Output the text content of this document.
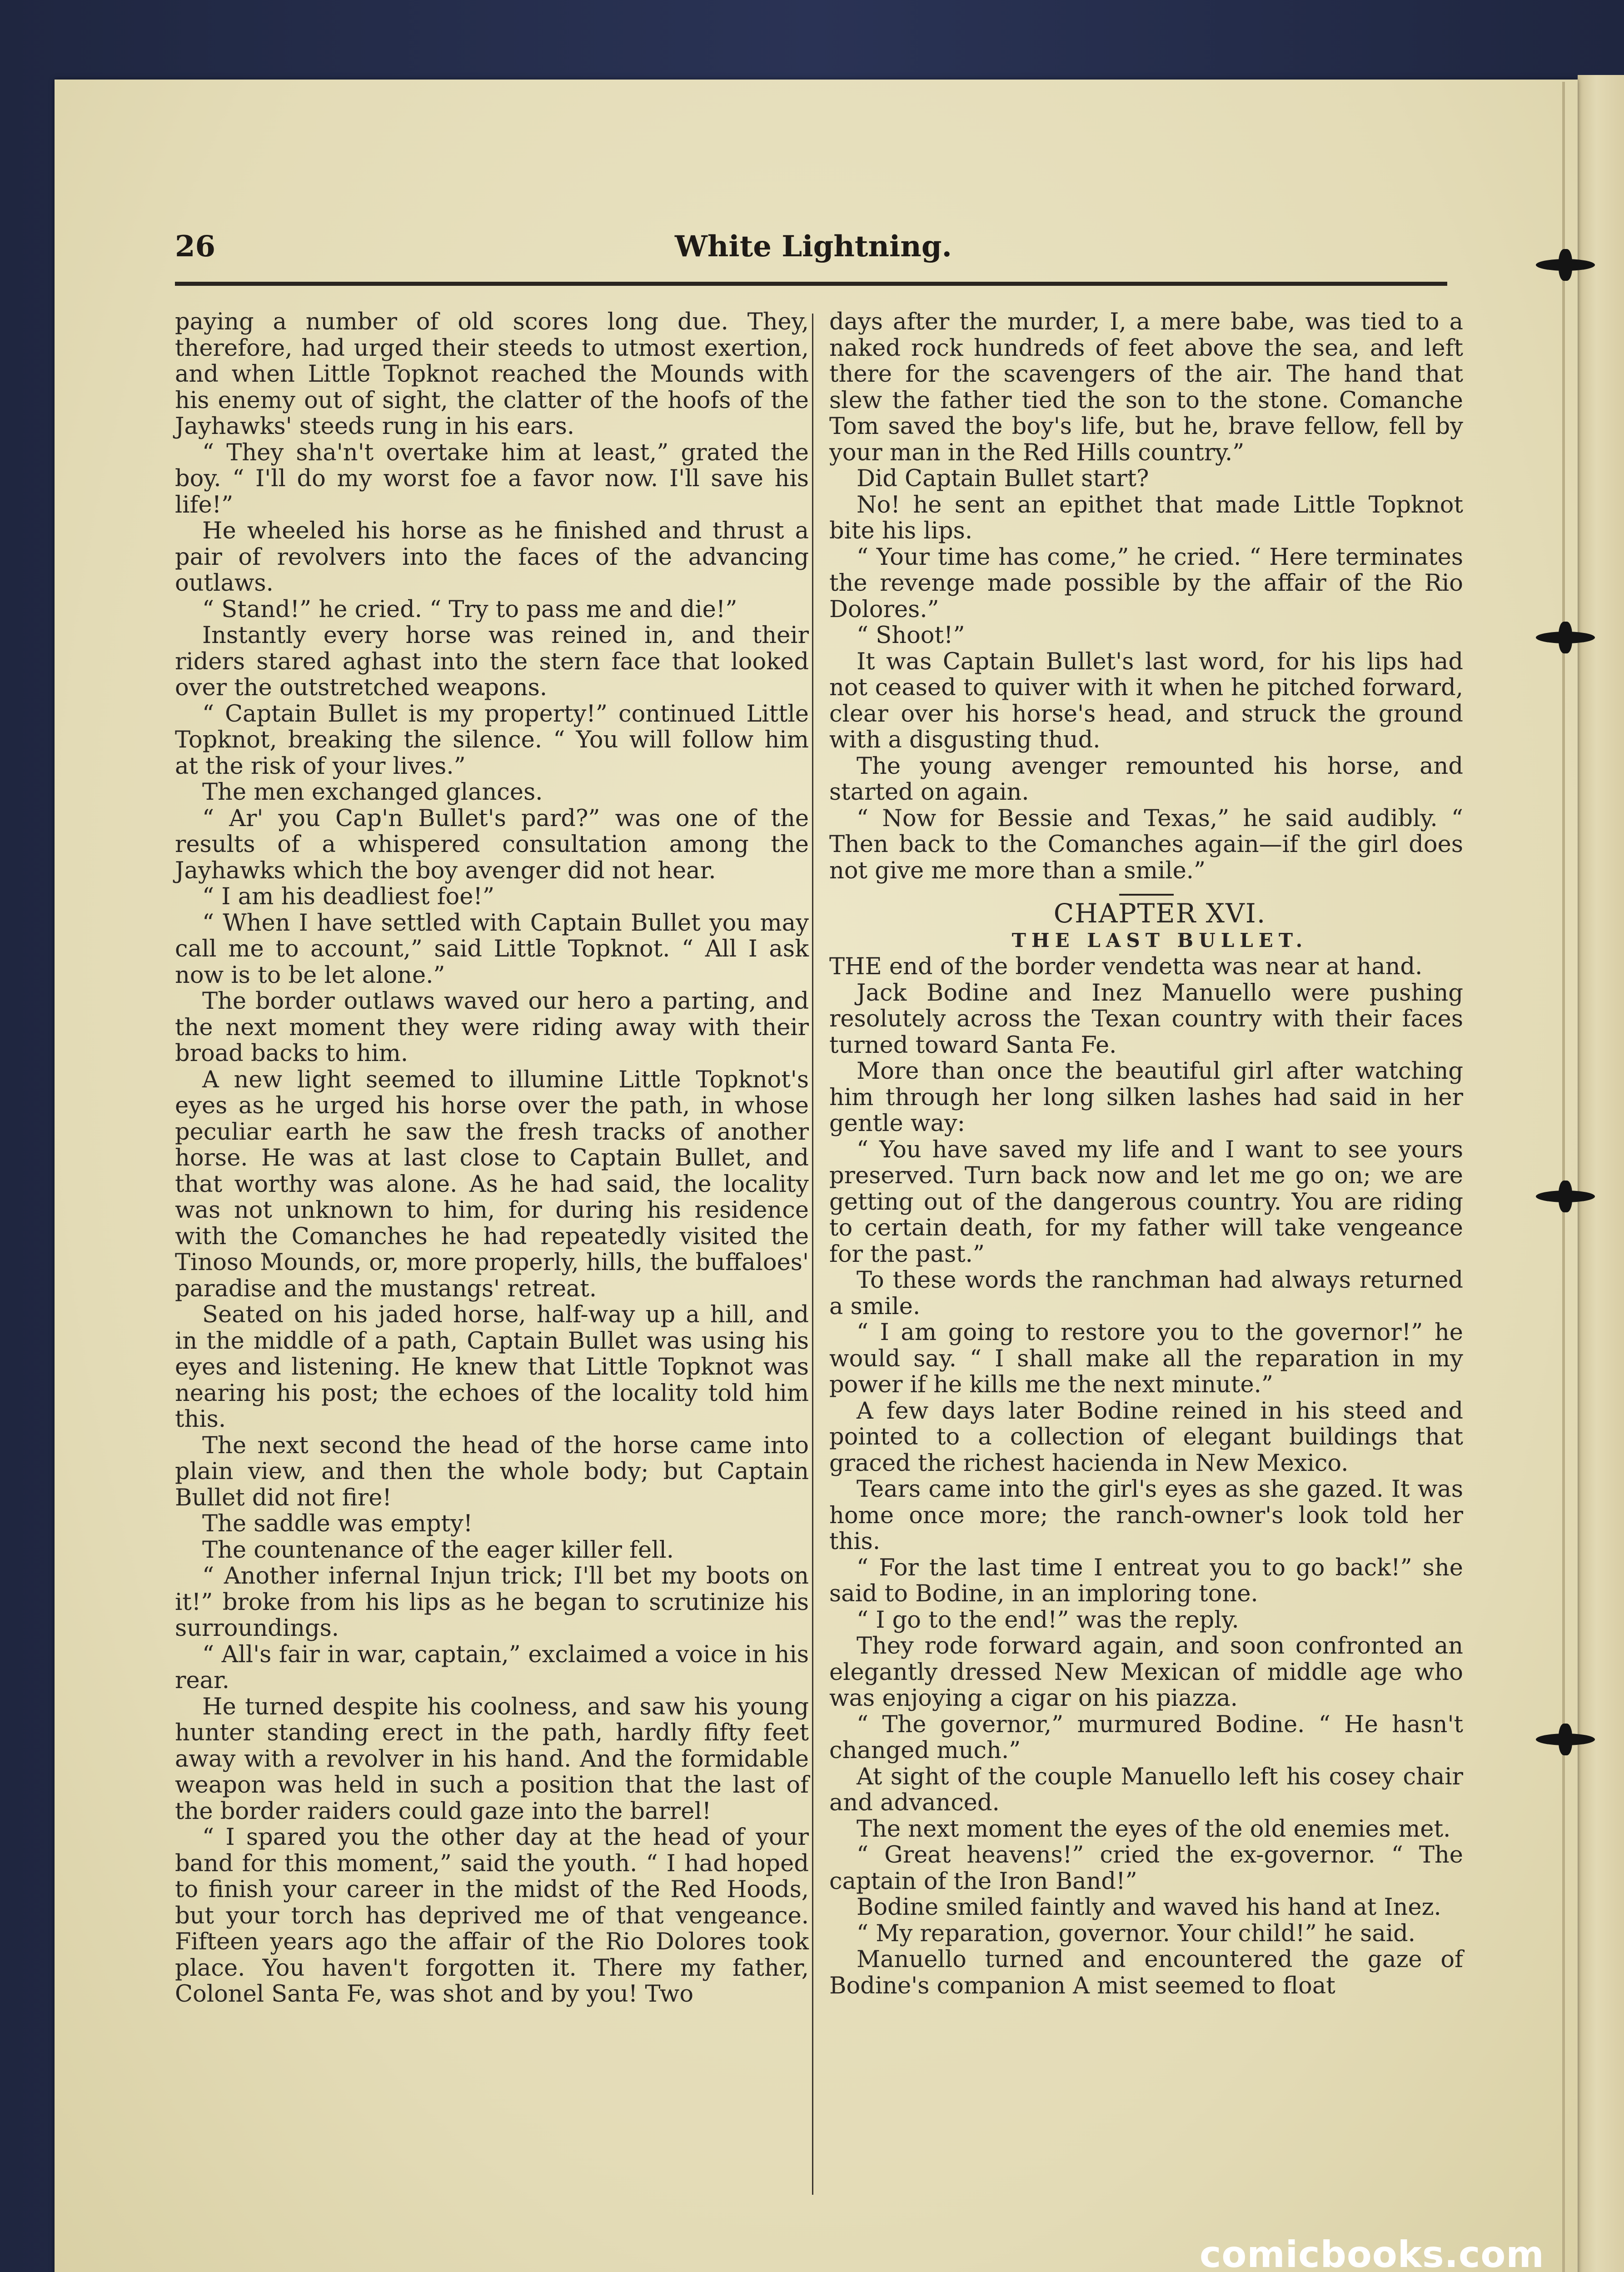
26	White Lightning.

paying a number of old scores long due. They, therefore, had urged their steeds to utmost exertion, and when Little Topknot reached the Mounds with his enemy out of sight, the clatter of the hoofs of the Jayhawks' steeds rung in his ears.

“ They sha'n't overtake him at least,” grated the boy. “ I'll do my worst foe a favor now. I'll save his life!”

He wheeled his horse as he finished and thrust a pair of revolvers into the faces of the advancing outlaws.

“ Stand!” he cried. “ Try to pass me and die!”

Instantly every horse was reined in, and their riders stared aghast into the stern face that looked over the outstretched weapons.

“ Captain Bullet is my property!” continued Little Topknot, breaking the silence. “ You will follow him at the risk of your lives.”

The men exchanged glances.

“ Ar' you Cap'n Bullet's pard?” was one of the results of a whispered consultation among the Jayhawks which the boy avenger did not hear.

“ I am his deadliest foe!”

“ When I have settled with Captain Bullet you may call me to account,” said Little Topknot. “ All I ask now is to be let alone.”

The border outlaws waved our hero a parting, and the next moment they were riding away with their broad backs to him.

A new light seemed to illumine Little Topknot's eyes as he urged his horse over the path, in whose peculiar earth he saw the fresh tracks of another horse. He was at last close to Captain Bullet, and that worthy was alone. As he had said, the locality was not unknown to him, for during his residence with the Comanches he had repeatedly visited the Tinoso Mounds, or, more properly, hills, the buffaloes' paradise and the mustangs' retreat.

Seated on his jaded horse, half-way up a hill, and in the middle of a path, Captain Bullet was using his eyes and listening. He knew that Little Topknot was nearing his post; the echoes of the locality told him this.

The next second the head of the horse came into plain view, and then the whole body; but Captain Bullet did not fire!

The saddle was empty!

The countenance of the eager killer fell.

“ Another infernal Injun trick; I'll bet my boots on it!” broke from his lips as he began to scrutinize his surroundings.

“ All's fair in war, captain,” exclaimed a voice in his rear.

He turned despite his coolness, and saw his young hunter standing erect in the path, hardly fifty feet away with a revolver in his hand. And the formidable weapon was held in such a position that the last of the border raiders could gaze into the barrel!

“ I spared you the other day at the head of your band for this moment,” said the youth. “ I had hoped to finish your career in the midst of the Red Hoods, but your torch has deprived me of that vengeance. Fifteen years ago the affair of the Rio Dolores took place. You haven't forgotten it. There my father, Colonel Santa Fe, was shot and by you! Two

days after the murder, I, a mere babe, was tied to a naked rock hundreds of feet above the sea, and left there for the scavengers of the air. The hand that slew the father tied the son to the stone. Comanche Tom saved the boy's life, but he, brave fellow, fell by your man in the Red Hills country.”

Did Captain Bullet start?

No! he sent an epithet that made Little Topknot bite his lips.

“ Your time has come,” he cried. “ Here terminates the revenge made possible by the affair of the Rio Dolores.”

“ Shoot!”

It was Captain Bullet's last word, for his lips had not ceased to quiver with it when he pitched forward, clear over his horse's head, and struck the ground with a disgusting thud.

The young avenger remounted his horse, and started on again.

“ Now for Bessie and Texas,” he said audibly. “ Then back to the Comanches again—if the girl does not give me more than a smile.”

CHAPTER XVI.

THE LAST BULLET.

THE end of the border vendetta was near at hand.

Jack Bodine and Inez Manuello were pushing resolutely across the Texan country with their faces turned toward Santa Fe.

More than once the beautiful girl after watching him through her long silken lashes had said in her gentle way:

“ You have saved my life and I want to see yours preserved. Turn back now and let me go on; we are getting out of the dangerous country. You are riding to certain death, for my father will take vengeance for the past.”

To these words the ranchman had always returned a smile.

“ I am going to restore you to the governor!” he would say. “ I shall make all the reparation in my power if he kills me the next minute.”

A few days later Bodine reined in his steed and pointed to a collection of elegant buildings that graced the richest hacienda in New Mexico.

Tears came into the girl's eyes as she gazed. It was home once more; the ranch-owner's look told her this.

“ For the last time I entreat you to go back!” she said to Bodine, in an imploring tone.

“ I go to the end!” was the reply.

They rode forward again, and soon confronted an elegantly dressed New Mexican of middle age who was enjoying a cigar on his piazza.

“ The governor,” murmured Bodine. “ He hasn't changed much.”

At sight of the couple Manuello left his cosey chair and advanced.

The next moment the eyes of the old enemies met.

“ Great heavens!” cried the ex-governor. “ The captain of the Iron Band!”

Bodine smiled faintly and waved his hand at Inez.

“ My reparation, governor. Your child!” he said.

Manuello turned and encountered the gaze of Bodine's companion A mist seemed to float

comicbooks.com
